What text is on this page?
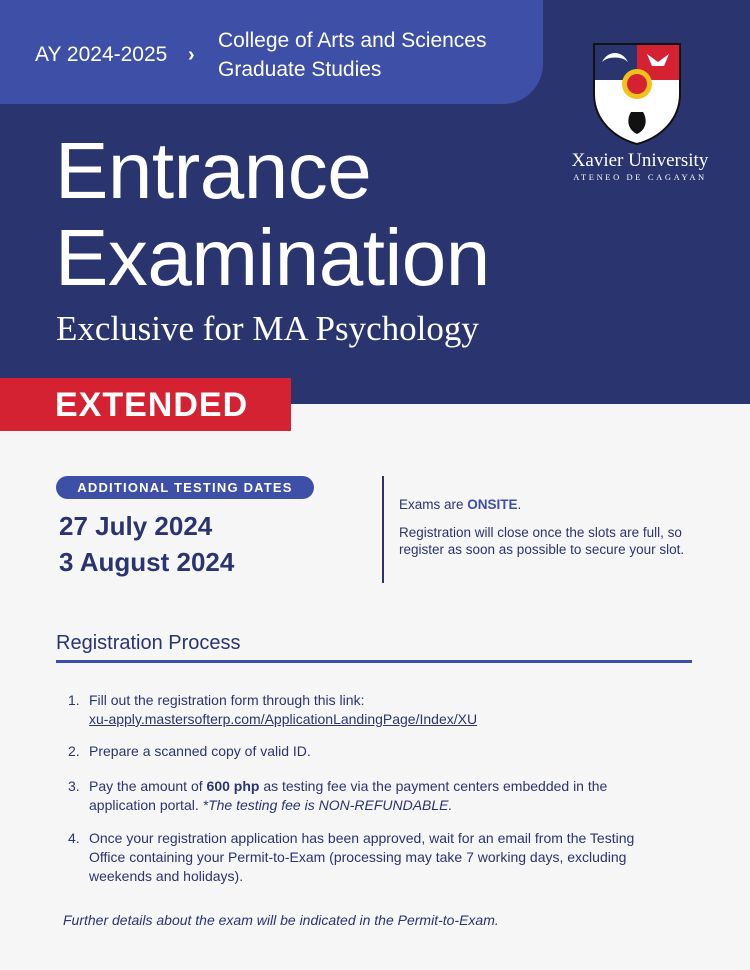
AY 2024-2025 ›
College of Arts and Sciences
Graduate Studies
Entrance
Examination
Exclusive for MA Psychology
Xavier University
ATENEO DE CAGAYAN
EXTENDED
ADDITIONAL TESTING DATES
27 July 2024
3 August 2024
Exams are ONSITE.
Registration will close once the slots are full, so register as soon as possible to secure your slot.
Registration Process
1. Fill out the registration form through this link:
xu-apply.mastersofterp.com/ApplicationLandingPage/Index/XU
2. Prepare a scanned copy of valid ID.
3. Pay the amount of 600 php as testing fee via the payment centers embedded in the application portal. *The testing fee is NON-REFUNDABLE.
4. Once your registration application has been approved, wait for an email from the Testing Office containing your Permit-to-Exam (processing may take 7 working days, excluding weekends and holidays).
Further details about the exam will be indicated in the Permit-to-Exam.
